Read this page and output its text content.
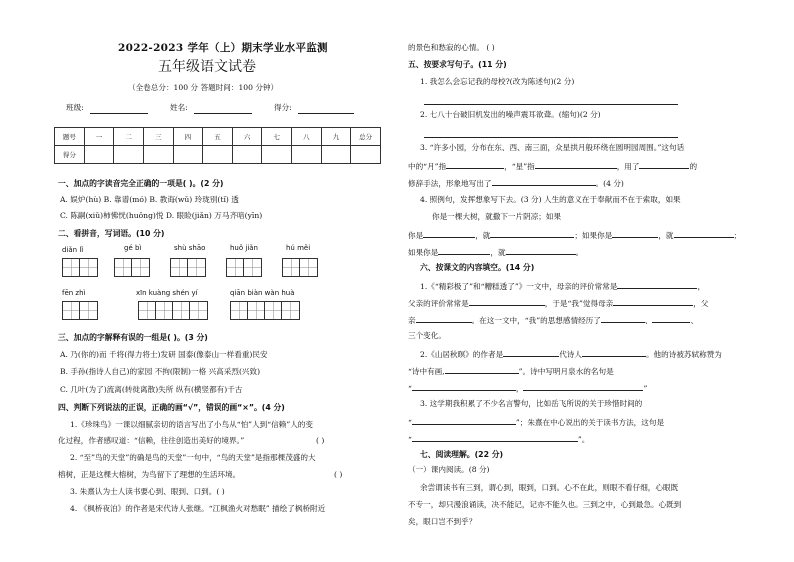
2022-2023 学年（上）期末学业水平监测
五年级语文试卷
（全卷总分：100 分 答题时间：100 分钟）
班级:	姓名:	得分:
题号	一	二	三	四	五	六	七	八	九	总分
得分										
一、加点的字读音完全正确的一项是( )。(2 分)
A. 娱炉(hù) B. 靠谱(mó) B. 教诲(wǔ) 玲珑别(tǐ) 透
C. 陈嗣(xiǔ)柿怫恍(huǒng)悦 D. 眼睑(jiǎn) 万马齐喑(yīn)
二、看拼音，写词语。(10 分)
diǎn lǐ	gé bì	shù shāo	huǒ jiǎn	hú měi
fēn zhì	xīn kuàng shén yí	qiān biàn wàn huà
三、加点的字解释有误的一组是( )。(3 分)
A. 乃(你的)而 千将(得力将士)发研 国泰(像泰山一样看重)民安
B. 手孙(指诗人自己)的家园 不拘(限制)一格 兴高采烈(兴致)
C. 几叶(为了)流离(转徙离散)失所 纵有(横竖都有)千古
四、判断下列说法的正误，正确的画“√”，错误的画“×”。(4 分)
1.《珍珠鸟》一课以细腻亲切的语言写出了小鸟从“怕”人到“信赖”人的变
化过程，作者感叹道：“信赖，往往创造出美好的境界。”	( )
2. “至”鸟的天堂”的确是鸟的天堂”一句中，“鸟的天堂”是指那棵茂盛的大
榕树，正是这棵大榕树，为鸟留下了理想的生活环境。	( )
3. 朱熹认为士人读书要心到、眼到、口到。( )
4. 《枫桥夜泊》的作者是宋代诗人张继。“江枫渔火对愁眠” 描绘了枫桥附近
的景色和愁寂的心情。 ( )
五、按要求写句子。(11 分)
1. 我怎么会忘记我的母校?(改为陈述句)(2 分)
2. 七八十台破旧机发出的噪声震耳欲聋。(缩句)(2 分)
3. “许多小园，分布在东、西、南三面，众星拱月般环绕在圆明园周围。”这句话
中的“月”指	，“星”指	，用了	的
修辞手法，形象地写出了	。(4 分)
4. 照例句，发挥想象写下去。(3 分) 人生的意义在于奉献而不在于索取，如果
你是一棵大树，就撒下一片阴凉；如果
你是	，就	；如果你是	，就	；
如果你是	，就	。
六、按课文的内容填空。(14 分)
1.《“精彩极了”和“糟糕透了”》一文中，母亲的评价常常是	，
父亲的评价常常是	，于是“我”觉得母亲	，父
亲	。在这一文中，“我”的思想感情经历了	、	、
三个变化。
2.《山居秋暝》的作者是	代诗人	。他的诗被苏轼称赞为
“诗中有画,	”。诗中写明月泉水的名句是
“	，	”
3. 这学期我积累了不少名言警句，比如岳飞所说的关于珍惜时间的
“	”；朱熹在中心说出的关于读书方法，这句是
“	”。
七、阅读理解。(22 分)
（一）课内阅读。(8 分)
余尝谓读书有三到，谓心到，眼到，口到。心不在此，则眼不看仔细，心眼既
不专一，却只漫浪诵读，决不能记，记亦不能久也。三到之中，心到最急。心既到
矣，眼口岂不到乎？
